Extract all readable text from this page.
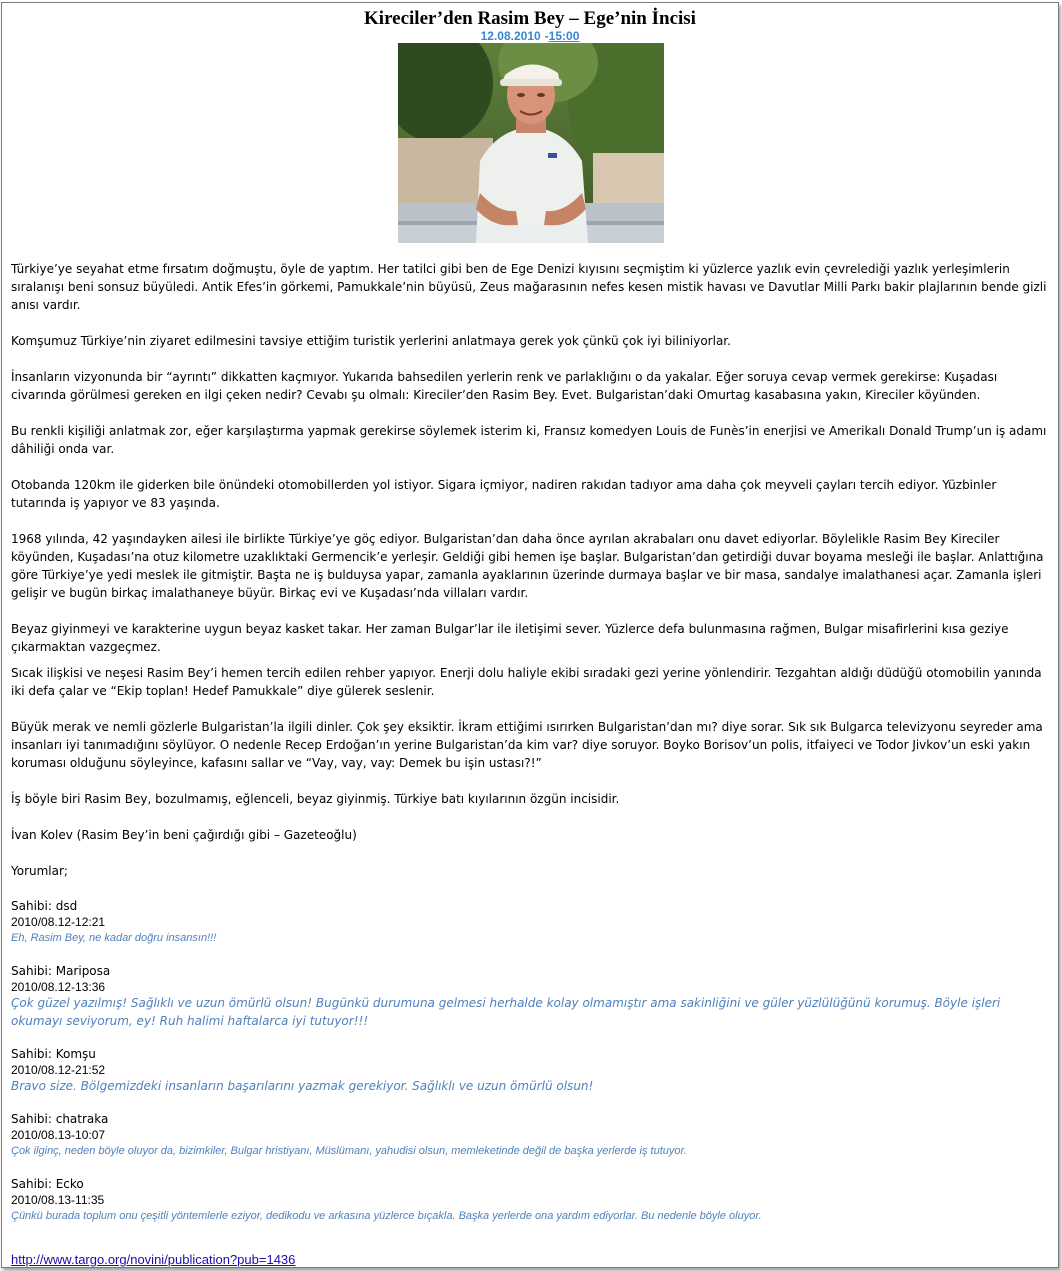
Kireciler’den Rasim Bey – Ege’nin İncisi
12.08.2010 -15:00

Türkiye’ye seyahat etme fırsatım doğmuştu, öyle de yaptım. Her tatilci gibi ben de Ege Denizi kıyısını seçmiştim ki yüzlerce yazlık evin çevrelediği yazlık yerleşimlerin sıralanışı beni sonsuz büyüledi. Antik Efes’in görkemi, Pamukkale’nin büyüsü, Zeus mağarasının nefes kesen mistik havası ve Davutlar Milli Parkı bakir plajlarının bende gizli anısı vardır.

Komşumuz Türkiye’nin ziyaret edilmesini tavsiye ettiğim turistik yerlerini anlatmaya gerek yok çünkü çok iyi biliniyorlar.

İnsanların vizyonunda bir “ayrıntı” dikkatten kaçmıyor. Yukarıda bahsedilen yerlerin renk ve parlaklığını o da yakalar. Eğer soruya cevap vermek gerekirse: Kuşadası civarında görülmesi gereken en ilgi çeken nedir? Cevabı şu olmalı: Kireciler’den Rasim Bey. Evet. Bulgaristan’daki Omurtag kasabasına yakın, Kireciler köyünden.

Bu renkli kişiliği anlatmak zor, eğer karşılaştırma yapmak gerekirse söylemek isterim ki, Fransız komedyen Louis de Funès’in enerjisi ve Amerikalı Donald Trump’un iş adamı dâhiliği onda var.

Otobanda 120km ile giderken bile önündeki otomobillerden yol istiyor. Sigara içmiyor, nadiren rakıdan tadıyor ama daha çok meyveli çayları tercih ediyor. Yüzbinler tutarında iş yapıyor ve 83 yaşında.

1968 yılında, 42 yaşındayken ailesi ile birlikte Türkiye’ye göç ediyor. Bulgaristan’dan daha önce ayrılan akrabaları onu davet ediyorlar. Böylelikle Rasim Bey Kireciler köyünden, Kuşadası’na otuz kilometre uzaklıktaki Germencik’e yerleşir. Geldiği gibi hemen işe başlar. Bulgaristan’dan getirdiği duvar boyama mesleği ile başlar. Anlattığına göre Türkiye’ye yedi meslek ile gitmiştir. Başta ne iş bulduysa yapar, zamanla ayaklarının üzerinde durmaya başlar ve bir masa, sandalye imalathanesi açar. Zamanla işleri gelişir ve bugün birkaç imalathaneye büyür. Birkaç evi ve Kuşadası’nda villaları vardır.

Beyaz giyinmeyi ve karakterine uygun beyaz kasket takar. Her zaman Bulgar’lar ile iletişimi sever. Yüzlerce defa bulunmasına rağmen, Bulgar misafirlerini kısa geziye çıkarmaktan vazgeçmez.

Sıcak ilişkisi ve neşesi Rasim Bey’i hemen tercih edilen rehber yapıyor. Enerji dolu haliyle ekibi sıradaki gezi yerine yönlendirir. Tezgahtan aldığı düdüğü otomobilin yanında iki defa çalar ve “Ekip toplan! Hedef Pamukkale” diye gülerek seslenir.

Büyük merak ve nemli gözlerle Bulgaristan’la ilgili dinler. Çok şey eksiktir. İkram ettiğimi ısırırken Bulgaristan’dan mı? diye sorar. Sık sık Bulgarca televizyonu seyreder ama insanları iyi tanımadığını söylüyor. O nedenle Recep Erdoğan’ın yerine Bulgaristan’da kim var? diye soruyor. Boyko Borisov’un polis, itfaiyeci ve Todor Jivkov’un eski yakın koruması olduğunu söyleyince, kafasını sallar ve “Vay, vay, vay: Demek bu işin ustası?!”

İş böyle biri Rasim Bey, bozulmamış, eğlenceli, beyaz giyinmiş. Türkiye batı kıyılarının özgün incisidir.

İvan Kolev (Rasim Bey’in beni çağırdığı gibi – Gazeteoğlu)

Yorumlar;

Sahibi: dsd
2010/08.12-12:21
Eh, Rasim Bey, ne kadar doğru insansın!!!
Sahibi: Mariposa
2010/08.12-13:36
Çok güzel yazılmış! Sağlıklı ve uzun ömürlü olsun! Bugünkü durumuna gelmesi herhalde kolay olmamıştır ama sakinliğini ve güler yüzlülüğünü korumuş. Böyle işleri okumayı seviyorum, ey! Ruh halimi haftalarca iyi tutuyor!!!
Sahibi: Komşu
2010/08.12-21:52
Bravo size. Bölgemizdeki insanların başarılarını yazmak gerekiyor. Sağlıklı ve uzun ömürlü olsun!
Sahibi: chatraka
2010/08.13-10:07
Çok ilginç, neden böyle oluyor da, bizimkiler, Bulgar hristiyanı, Müslümanı, yahudisi olsun, memleketinde değil de başka yerlerde iş tutuyor.
Sahibi: Ecko
2010/08.13-11:35
Çünkü burada toplum onu çeşitli yöntemlerle eziyor, dedikodu ve arkasına yüzlerce bıçakla. Başka yerlerde ona yardım ediyorlar. Bu nedenle böyle oluyor.
http://www.targo.org/novini/publication?pub=1436
